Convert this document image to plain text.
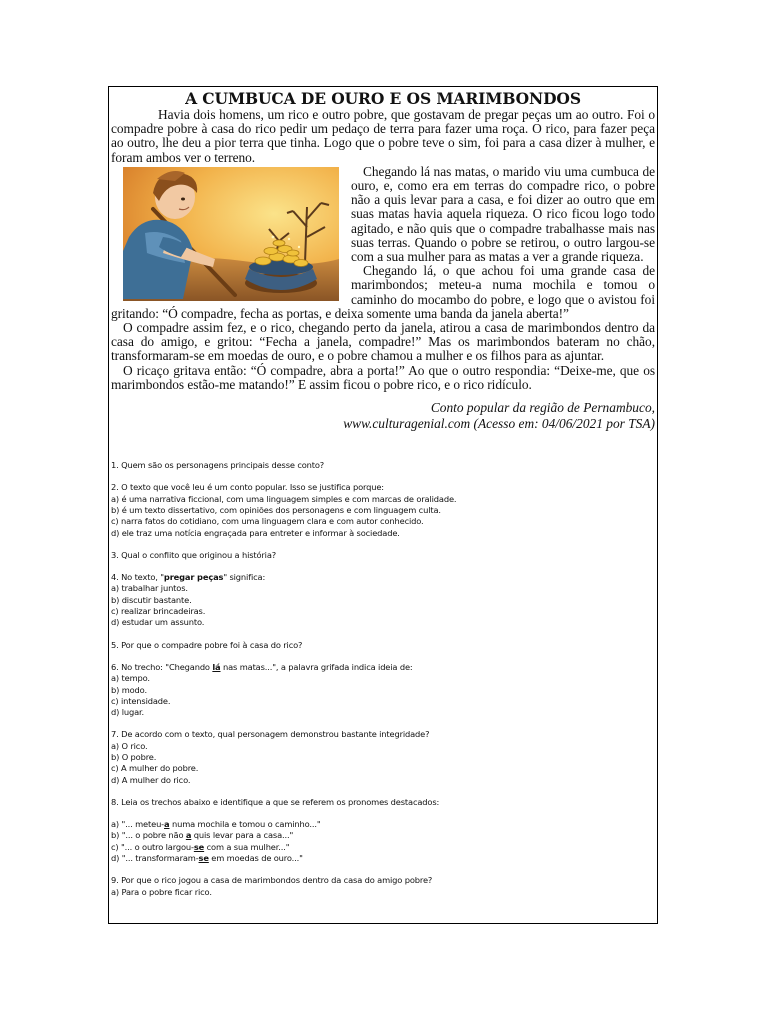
A CUMBUCA DE OURO E OS MARIMBONDOS

Havia dois homens, um rico e outro pobre, que gostavam de pregar peças um ao outro. Foi o compadre pobre à casa do rico pedir um pedaço de terra para fazer uma roça. O rico, para fazer peça ao outro, lhe deu a pior terra que tinha. Logo que o pobre teve o sim, foi para a casa dizer à mulher, e foram ambos ver o terreno.

Chegando lá nas matas, o marido viu uma cumbuca de ouro, e, como era em terras do compadre rico, o pobre não a quis levar para a casa, e foi dizer ao outro que em suas matas havia aquela riqueza. O rico ficou logo todo agitado, e não quis que o compadre trabalhasse mais nas suas terras. Quando o pobre se retirou, o outro largou-se com a sua mulher para as matas a ver a grande riqueza.

Chegando lá, o que achou foi uma grande casa de marimbondos; meteu-a numa mochila e tomou o caminho do mocambo do pobre, e logo que o avistou foi gritando: “Ó compadre, fecha as portas, e deixa somente uma banda da janela aberta!”

O compadre assim fez, e o rico, chegando perto da janela, atirou a casa de marimbondos dentro da casa do amigo, e gritou: “Fecha a janela, compadre!” Mas os marimbondos bateram no chão, transformaram-se em moedas de ouro, e o pobre chamou a mulher e os filhos para as ajuntar.

O ricaço gritava então: “Ó compadre, abra a porta!” Ao que o outro respondia: “Deixe-me, que os marimbondos estão-me matando!” E assim ficou o pobre rico, e o rico ridículo.

Conto popular da região de Pernambuco,
www.culturagenial.com (Acesso em: 04/06/2021 por TSA)
1. Quem são os personagens principais desse conto?
2. O texto que você leu é um conto popular. Isso se justifica porque:
a) é uma narrativa ficcional, com uma linguagem simples e com marcas de oralidade.
b) é um texto dissertativo, com opiniões dos personagens e com linguagem culta.
c) narra fatos do cotidiano, com uma linguagem clara e com autor conhecido.
d) ele traz uma notícia engraçada para entreter e informar à sociedade.
3. Qual o conflito que originou a história?
4. No texto, "pregar peças" significa:
a) trabalhar juntos.
b) discutir bastante.
c) realizar brincadeiras.
d) estudar um assunto.
5. Por que o compadre pobre foi à casa do rico?
6. No trecho: "Chegando lá nas matas...", a palavra grifada indica ideia de:
a) tempo.
b) modo.
c) intensidade.
d) lugar.
7. De acordo com o texto, qual personagem demonstrou bastante integridade?
a) O rico.
b) O pobre.
c) A mulher do pobre.
d) A mulher do rico.
8. Leia os trechos abaixo e identifique a que se referem os pronomes destacados:
a) "... meteu-a numa mochila e tomou o caminho..."
b) "... o pobre não a quis levar para a casa..."
c) "... o outro largou-se com a sua mulher..."
d) "... transformaram-se em moedas de ouro..."
9. Por que o rico jogou a casa de marimbondos dentro da casa do amigo pobre?
a) Para o pobre ficar rico.
